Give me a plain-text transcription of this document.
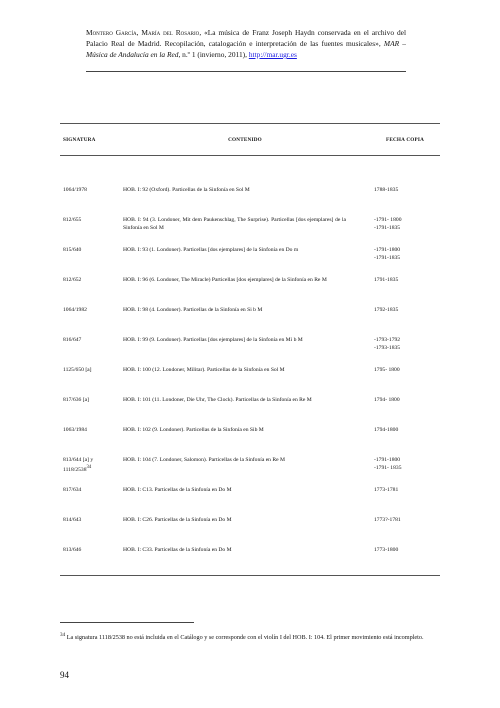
Montero García, María del Rosario, «La música de Franz Joseph Haydn conservada en el archivo del Palacio Real de Madrid. Recopilación, catalogación e interpretación de las fuentes musicales», MAR – Música de Andalucía en la Red, n.º 1 (invierno, 2011), http://mar.ugr.es
SIGNATURA	CONTENIDO	FECHA COPIA

1064/1978	HOB. I: 92 (Oxford). Particellas de la Sinfonía en Sol M	1788-1835
812/655	HOB. I: 94 (3. Londoner, Mit dem Paukenschlag, The Surprise). Particellas [dos ejemplares] de la Sinfonía en Sol M	-1791- 1800
-1791-1835
815/640	HOB. I: 93 (1. Londoner). Particellas [dos ejemplares] de la Sinfonía en Do m	-1791-1800
-1791-1835
812/652	HOB. I: 96 (6. Londoner, The Miracle) Particellas [dos ejemplares] de la Sinfonía en Re M	1791-1835
1064/1982	HOB. I: 98 (4. Londoner). Particellas de la Sinfonía en Si b M	1792-1835
816/647	HOB. I: 99 (9. Londoner). Particellas [dos ejemplares] de la Sinfonía en Mi b M	-1793-1792
-1793-1835
1125/650 [a]	HOB. I: 100 (12. Londoner, Militar). Particellas de la Sinfonía en Sol M	1795- 1800
817/636 [a]	HOB. I: 101 (11. Londoner, Die Uhr, The Clock). Particellas de la Sinfonía en Re M	1794- 1800
1063/1984	HOB. I: 102 (9. Londoner). Particellas de la Sinfonía en Sib M	1794-1800
813/644 [a] y 1118/2538$^{34}$	HOB. I: 104 (7. Londoner, Salomon). Particellas de la Sinfonía en Re M	-1791-1800
-1791- 1835
817/634	HOB. I: C13. Particellas de la Sinfonía en Do M	1773-1781
814/643	HOB. I: C26. Particellas de la Sinfonía en Do M	1773?-1781
813/646	HOB. I: C33. Particellas de la Sinfonía en Do M	1773-1800
$^{34}$ La signatura 1118/2538 no está incluida en el Catálogo y se corresponde con el violín I del HOB. I: 104. El primer movimiento está incompleto.
94
